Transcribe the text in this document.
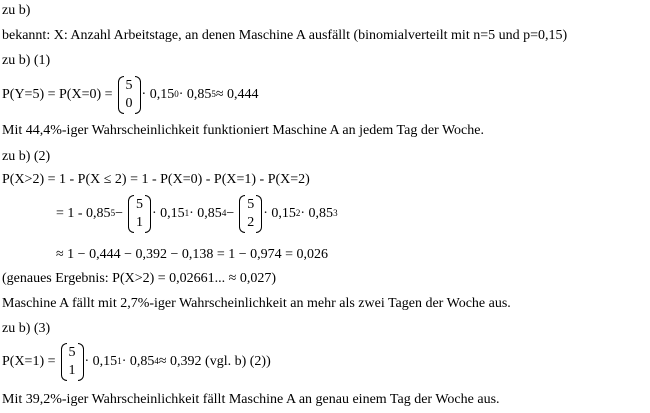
zu b)
bekannt: X: Anzahl Arbeitstage, an denen Maschine A ausfällt (binomialverteilt mit n=5 und p=0,15)
zu b) (1)
P(Y=5) = P(X=0) =
5
0
· $0,15^0 \cdot 0,85^5 \approx 0,444$
Mit 44,4%-iger Wahrscheinlichkeit funktioniert Maschine A an jedem Tag der Woche.
zu b) (2)
P(X>2) = 1 - P(X ≤ 2) = 1 - P(X=0) - P(X=1) - P(X=2)
= $1 - 0,85^5$ −
5
1
· $0,15^1 \cdot 0,85^4$ −
5
2
· $0,15^2 \cdot 0,85^3$
≈ 1 − 0,444 − 0,392 − 0,138 = 1 − 0,974 = 0,026
(genaues Ergebnis: P(X>2) = 0,02661... ≈ 0,027)
Maschine A fällt mit 2,7%-iger Wahrscheinlichkeit an mehr als zwei Tagen der Woche aus.
zu b) (3)
P(X=1) =
5
1
· $0,15^1 \cdot 0,85^4 \approx 0,392$ (vgl. b) (2))
Mit 39,2%-iger Wahrscheinlichkeit fällt Maschine A an genau einem Tag der Woche aus.
